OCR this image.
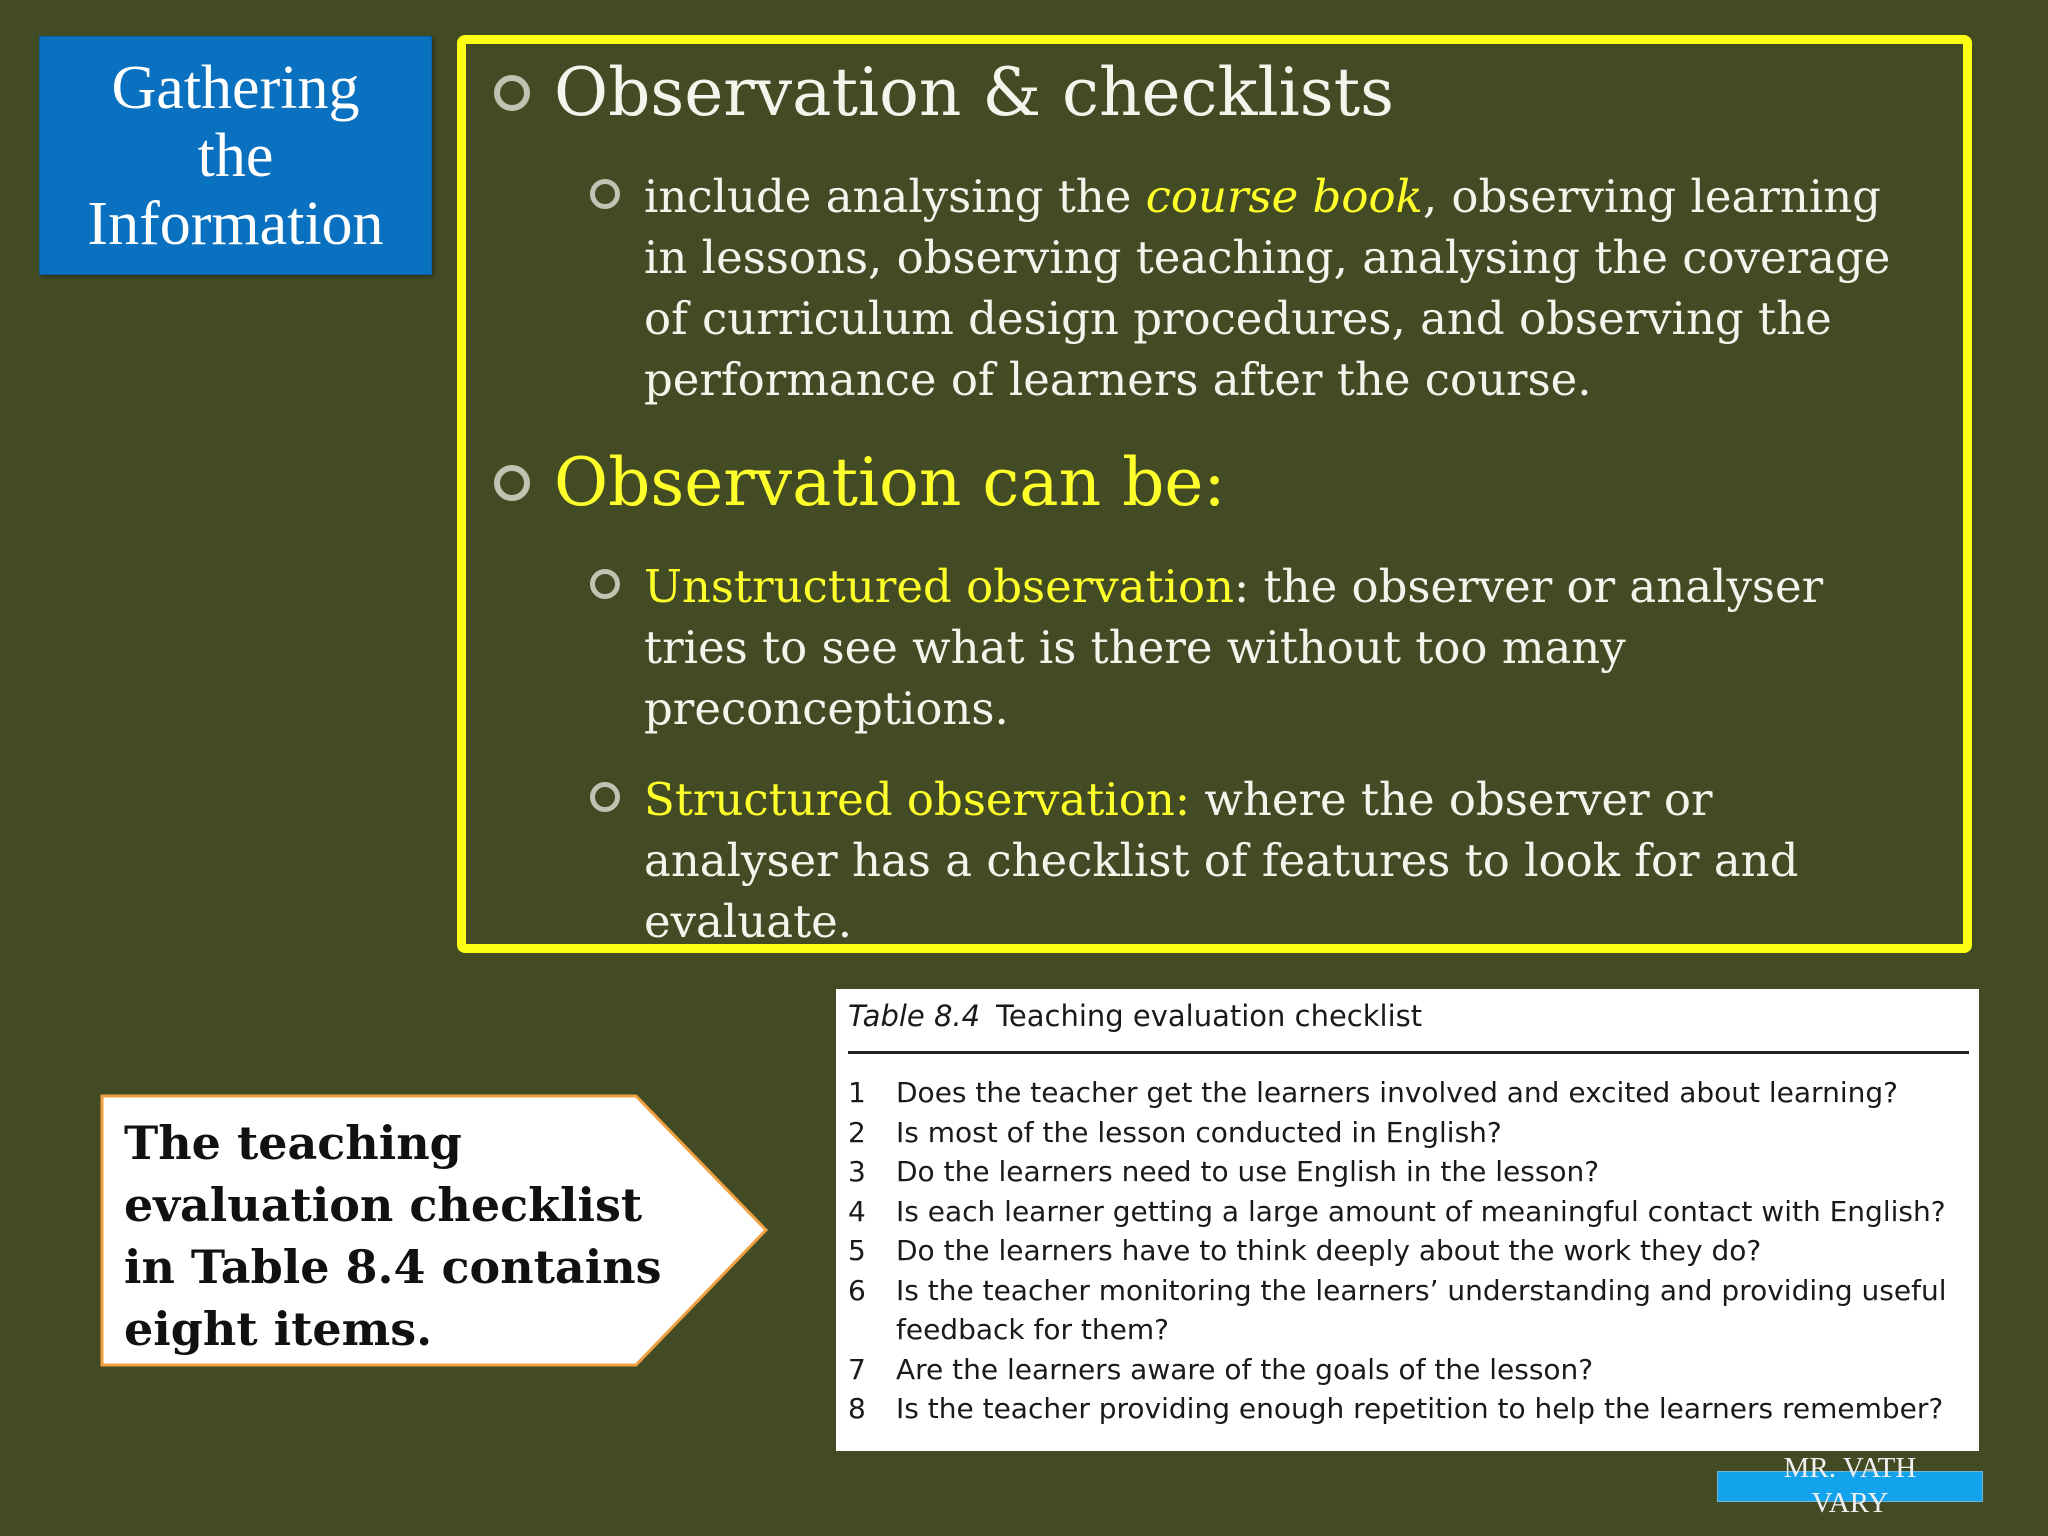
Gathering
the
Information
Observation & checklists
include analysing the course book, observing learning in lessons, observing teaching, analysing the coverage of curriculum design procedures, and observing the performance of learners after the course.
Observation can be:
Unstructured observation: the observer or analyser tries to see what is there without too many preconceptions.
Structured observation: where the observer or analyser has a checklist of features to look for and evaluate.
Table 8.4 Teaching evaluation checklist
1	Does the teacher get the learners involved and excited about learning?
2	Is most of the lesson conducted in English?
3	Do the learners need to use English in the lesson?
4	Is each learner getting a large amount of meaningful contact with English?
5	Do the learners have to think deeply about the work they do?
6	Is the teacher monitoring the learners’ understanding and providing useful feedback for them?
7	Are the learners aware of the goals of the lesson?
8	Is the teacher providing enough repetition to help the learners remember?
The teaching evaluation checklist in Table 8.4 contains eight items.
MR. VATH
VARY
